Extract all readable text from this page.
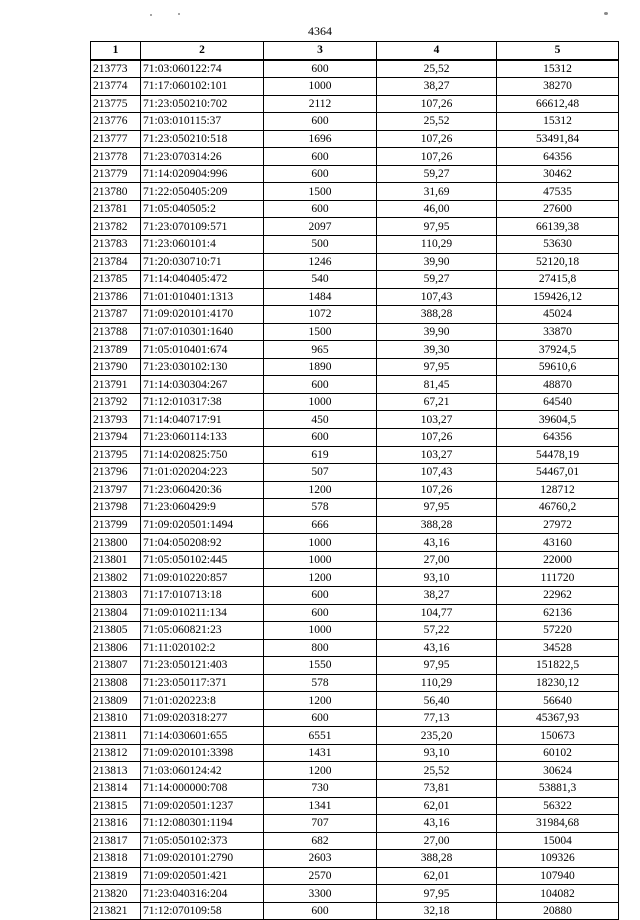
4364
1	2	3	4	5
213773	71:03:060122:74	600	25,52	15312
213774	71:17:060102:101	1000	38,27	38270
213775	71:23:050210:702	2112	107,26	66612,48
213776	71:03:010115:37	600	25,52	15312
213777	71:23:050210:518	1696	107,26	53491,84
213778	71:23:070314:26	600	107,26	64356
213779	71:14:020904:996	600	59,27	30462
213780	71:22:050405:209	1500	31,69	47535
213781	71:05:040505:2	600	46,00	27600
213782	71:23:070109:571	2097	97,95	66139,38
213783	71:23:060101:4	500	110,29	53630
213784	71:20:030710:71	1246	39,90	52120,18
213785	71:14:040405:472	540	59,27	27415,8
213786	71:01:010401:1313	1484	107,43	159426,12
213787	71:09:020101:4170	1072	388,28	45024
213788	71:07:010301:1640	1500	39,90	33870
213789	71:05:010401:674	965	39,30	37924,5
213790	71:23:030102:130	1890	97,95	59610,6
213791	71:14:030304:267	600	81,45	48870
213792	71:12:010317:38	1000	67,21	64540
213793	71:14:040717:91	450	103,27	39604,5
213794	71:23:060114:133	600	107,26	64356
213795	71:14:020825:750	619	103,27	54478,19
213796	71:01:020204:223	507	107,43	54467,01
213797	71:23:060420:36	1200	107,26	128712
213798	71:23:060429:9	578	97,95	46760,2
213799	71:09:020501:1494	666	388,28	27972
213800	71:04:050208:92	1000	43,16	43160
213801	71:05:050102:445	1000	27,00	22000
213802	71:09:010220:857	1200	93,10	111720
213803	71:17:010713:18	600	38,27	22962
213804	71:09:010211:134	600	104,77	62136
213805	71:05:060821:23	1000	57,22	57220
213806	71:11:020102:2	800	43,16	34528
213807	71:23:050121:403	1550	97,95	151822,5
213808	71:23:050117:371	578	110,29	18230,12
213809	71:01:020223:8	1200	56,40	56640
213810	71:09:020318:277	600	77,13	45367,93
213811	71:14:030601:655	6551	235,20	150673
213812	71:09:020101:3398	1431	93,10	60102
213813	71:03:060124:42	1200	25,52	30624
213814	71:14:000000:708	730	73,81	53881,3
213815	71:09:020501:1237	1341	62,01	56322
213816	71:12:080301:1194	707	43,16	31984,68
213817	71:05:050102:373	682	27,00	15004
213818	71:09:020101:2790	2603	388,28	109326
213819	71:09:020501:421	2570	62,01	107940
213820	71:23:040316:204	3300	97,95	104082
213821	71:12:070109:58	600	32,18	20880
